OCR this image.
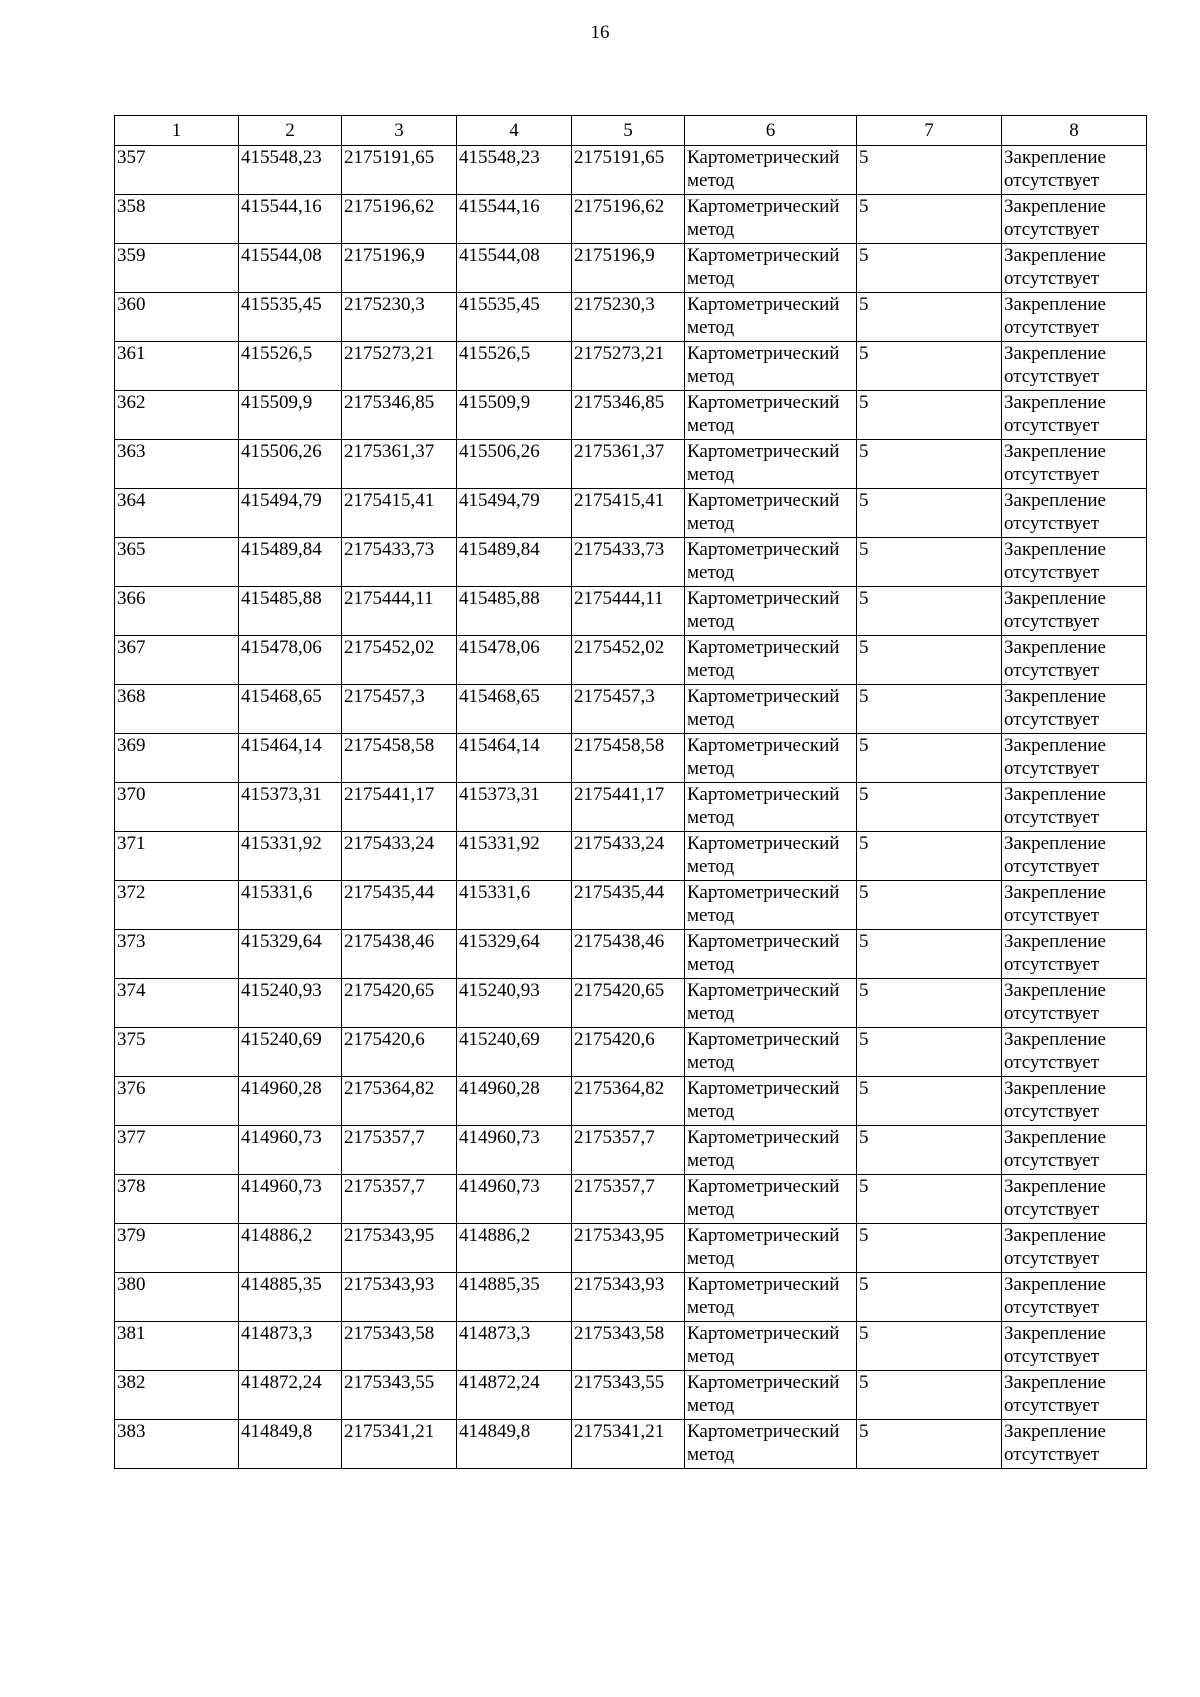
16
1	2	3	4	5	6	7	8
357	415548,23	2175191,65	415548,23	2175191,65	Картометрический метод	5	Закрепление отсутствует
358	415544,16	2175196,62	415544,16	2175196,62	Картометрический метод	5	Закрепление отсутствует
359	415544,08	2175196,9	415544,08	2175196,9	Картометрический метод	5	Закрепление отсутствует
360	415535,45	2175230,3	415535,45	2175230,3	Картометрический метод	5	Закрепление отсутствует
361	415526,5	2175273,21	415526,5	2175273,21	Картометрический метод	5	Закрепление отсутствует
362	415509,9	2175346,85	415509,9	2175346,85	Картометрический метод	5	Закрепление отсутствует
363	415506,26	2175361,37	415506,26	2175361,37	Картометрический метод	5	Закрепление отсутствует
364	415494,79	2175415,41	415494,79	2175415,41	Картометрический метод	5	Закрепление отсутствует
365	415489,84	2175433,73	415489,84	2175433,73	Картометрический метод	5	Закрепление отсутствует
366	415485,88	2175444,11	415485,88	2175444,11	Картометрический метод	5	Закрепление отсутствует
367	415478,06	2175452,02	415478,06	2175452,02	Картометрический метод	5	Закрепление отсутствует
368	415468,65	2175457,3	415468,65	2175457,3	Картометрический метод	5	Закрепление отсутствует
369	415464,14	2175458,58	415464,14	2175458,58	Картометрический метод	5	Закрепление отсутствует
370	415373,31	2175441,17	415373,31	2175441,17	Картометрический метод	5	Закрепление отсутствует
371	415331,92	2175433,24	415331,92	2175433,24	Картометрический метод	5	Закрепление отсутствует
372	415331,6	2175435,44	415331,6	2175435,44	Картометрический метод	5	Закрепление отсутствует
373	415329,64	2175438,46	415329,64	2175438,46	Картометрический метод	5	Закрепление отсутствует
374	415240,93	2175420,65	415240,93	2175420,65	Картометрический метод	5	Закрепление отсутствует
375	415240,69	2175420,6	415240,69	2175420,6	Картометрический метод	5	Закрепление отсутствует
376	414960,28	2175364,82	414960,28	2175364,82	Картометрический метод	5	Закрепление отсутствует
377	414960,73	2175357,7	414960,73	2175357,7	Картометрический метод	5	Закрепление отсутствует
378	414960,73	2175357,7	414960,73	2175357,7	Картометрический метод	5	Закрепление отсутствует
379	414886,2	2175343,95	414886,2	2175343,95	Картометрический метод	5	Закрепление отсутствует
380	414885,35	2175343,93	414885,35	2175343,93	Картометрический метод	5	Закрепление отсутствует
381	414873,3	2175343,58	414873,3	2175343,58	Картометрический метод	5	Закрепление отсутствует
382	414872,24	2175343,55	414872,24	2175343,55	Картометрический метод	5	Закрепление отсутствует
383	414849,8	2175341,21	414849,8	2175341,21	Картометрический метод	5	Закрепление отсутствует
